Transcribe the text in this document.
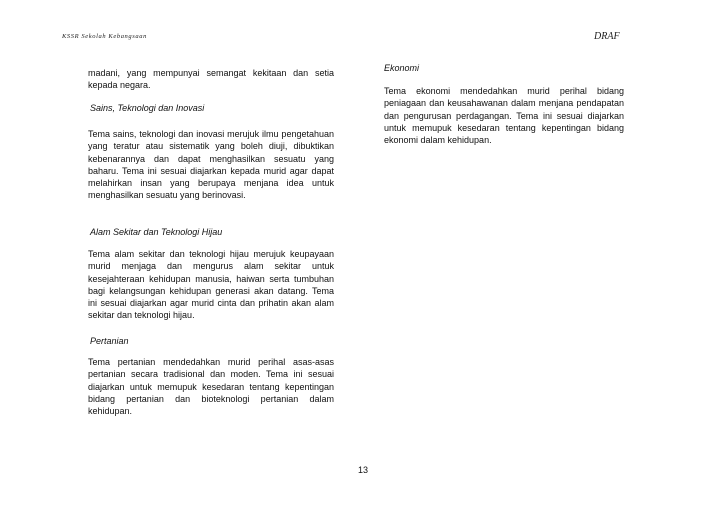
KSSR Sekolah Kebangsaan	DRAF
madani, yang mempunyai semangat kekitaan dan setia kepada negara.
Sains, Teknologi dan Inovasi
Tema sains, teknologi dan inovasi merujuk ilmu pengetahuan yang teratur atau sistematik yang boleh diuji, dibuktikan kebenarannya dan dapat menghasilkan sesuatu yang baharu. Tema ini sesuai diajarkan kepada murid agar dapat melahirkan insan yang berupaya menjana idea untuk menghasilkan sesuatu yang berinovasi.
Alam Sekitar dan Teknologi Hijau
Tema alam sekitar dan teknologi hijau merujuk keupayaan murid menjaga dan mengurus alam sekitar untuk kesejahteraan kehidupan manusia, haiwan serta tumbuhan bagi kelangsungan kehidupan generasi akan datang. Tema ini sesuai diajarkan agar murid cinta dan prihatin akan alam sekitar dan teknologi hijau.
Pertanian
Tema pertanian mendedahkan murid perihal asas-asas pertanian secara tradisional dan moden. Tema ini sesuai diajarkan untuk memupuk kesedaran tentang kepentingan bidang pertanian dan bioteknologi pertanian dalam kehidupan.
Ekonomi
Tema ekonomi mendedahkan murid perihal bidang peniagaan dan keusahawanan dalam menjana pendapatan dan pengurusan perdagangan. Tema ini sesuai diajarkan untuk memupuk kesedaran tentang kepentingan bidang ekonomi dalam kehidupan.
13
